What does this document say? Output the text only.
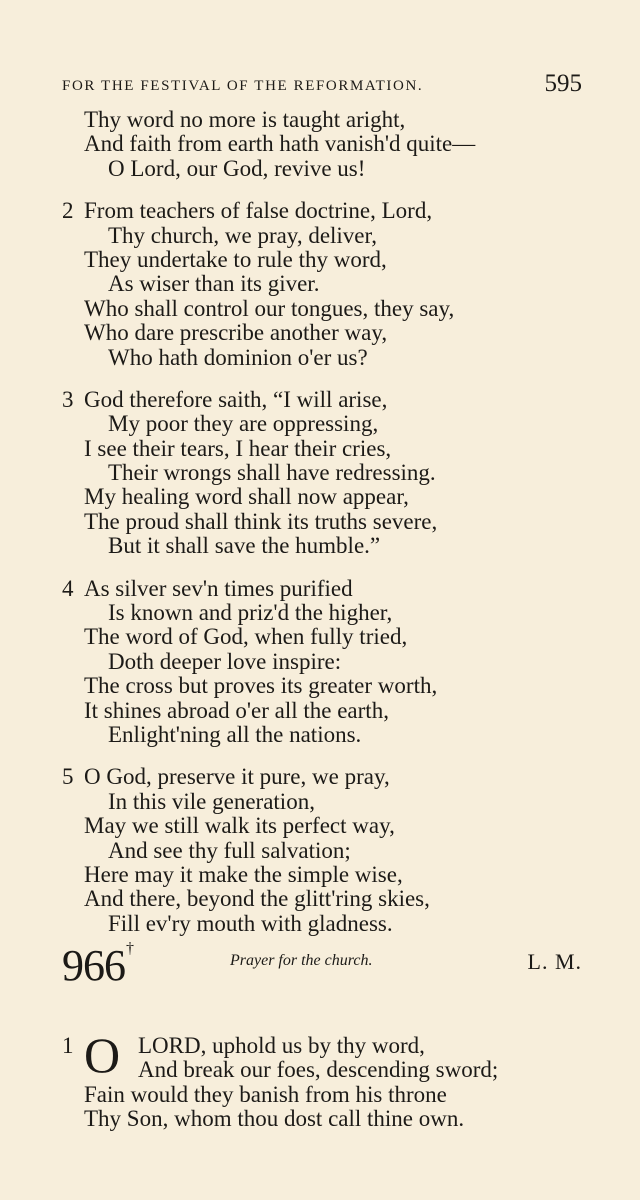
FOR THE FESTIVAL OF THE REFORMATION.	595
Thy word no more is taught aright,
And faith from earth hath vanish'd quite—
O Lord, our God, revive us!
2 From teachers of false doctrine, Lord,
Thy church, we pray, deliver,
They undertake to rule thy word,
As wiser than its giver.
Who shall control our tongues, they say,
Who dare prescribe another way,
Who hath dominion o'er us?
3 God therefore saith, “I will arise,
My poor they are oppressing,
I see their tears, I hear their cries,
Their wrongs shall have redressing.
My healing word shall now appear,
The proud shall think its truths severe,
But it shall save the humble.”
4 As silver sev'n times purified
Is known and priz'd the higher,
The word of God, when fully tried,
Doth deeper love inspire:
The cross but proves its greater worth,
It shines abroad o'er all the earth,
Enlight'ning all the nations.
5 O God, preserve it pure, we pray,
In this vile generation,
May we still walk its perfect way,
And see thy full salvation;
Here may it make the simple wise,
And there, beyond the glitt'ring skies,
Fill ev'ry mouth with gladness.
966 †
Prayer for the church.	L. M.
1 O LORD, uphold us by thy word,
And break our foes, descending sword;
Fain would they banish from his throne
Thy Son, whom thou dost call thine own.
